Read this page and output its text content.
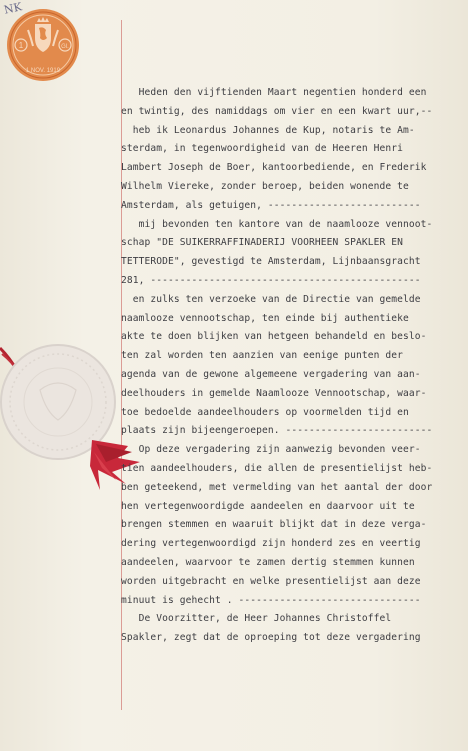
NK
1	Gl.
1 NOV. 1919
Heden den vijftienden Maart negentien honderd een
en twintig, des namiddags om vier en een kwart uur,--
heb ik Leonardus Johannes de Kup, notaris te Am-
sterdam, in tegenwoordigheid van de Heeren Henri
Lambert Joseph de Boer, kantoorbediende, en Frederik
Wilhelm Viereke, zonder beroep, beiden wonende te
Amsterdam, als getuigen, --------------------------
mij bevonden ten kantore van de naamlooze vennoot-
schap "DE SUIKERRAFFINADERIJ VOORHEEN SPAKLER EN
TETTERODE", gevestigd te Amsterdam, Lijnbaansgracht
281, ----------------------------------------------
en zulks ten verzoeke van de Directie van gemelde
naamlooze vennootschap, ten einde bij authentieke
akte te doen blijken van hetgeen behandeld en beslo-
ten zal worden ten aanzien van eenige punten der
agenda van de gewone algemeene vergadering van aan-
deelhouders in gemelde Naamlooze Vennootschap, waar-
toe bedoelde aandeelhouders op voormelden tijd en
plaats zijn bijeengeroepen. -------------------------
Op deze vergadering zijn aanwezig bevonden veer-
tien aandeelhouders, die allen de presentielijst heb-
ben geteekend, met vermelding van het aantal der door
hen vertegenwoordigde aandeelen en daarvoor uit te
brengen stemmen en waaruit blijkt dat in deze verga-
dering vertegenwoordigd zijn honderd zes en veertig
aandeelen, waarvoor te zamen dertig stemmen kunnen
worden uitgebracht en welke presentielijst aan deze
minuut is gehecht . -------------------------------
De Voorzitter, de Heer Johannes Christoffel
Spakler, zegt dat de oproeping tot deze vergadering
